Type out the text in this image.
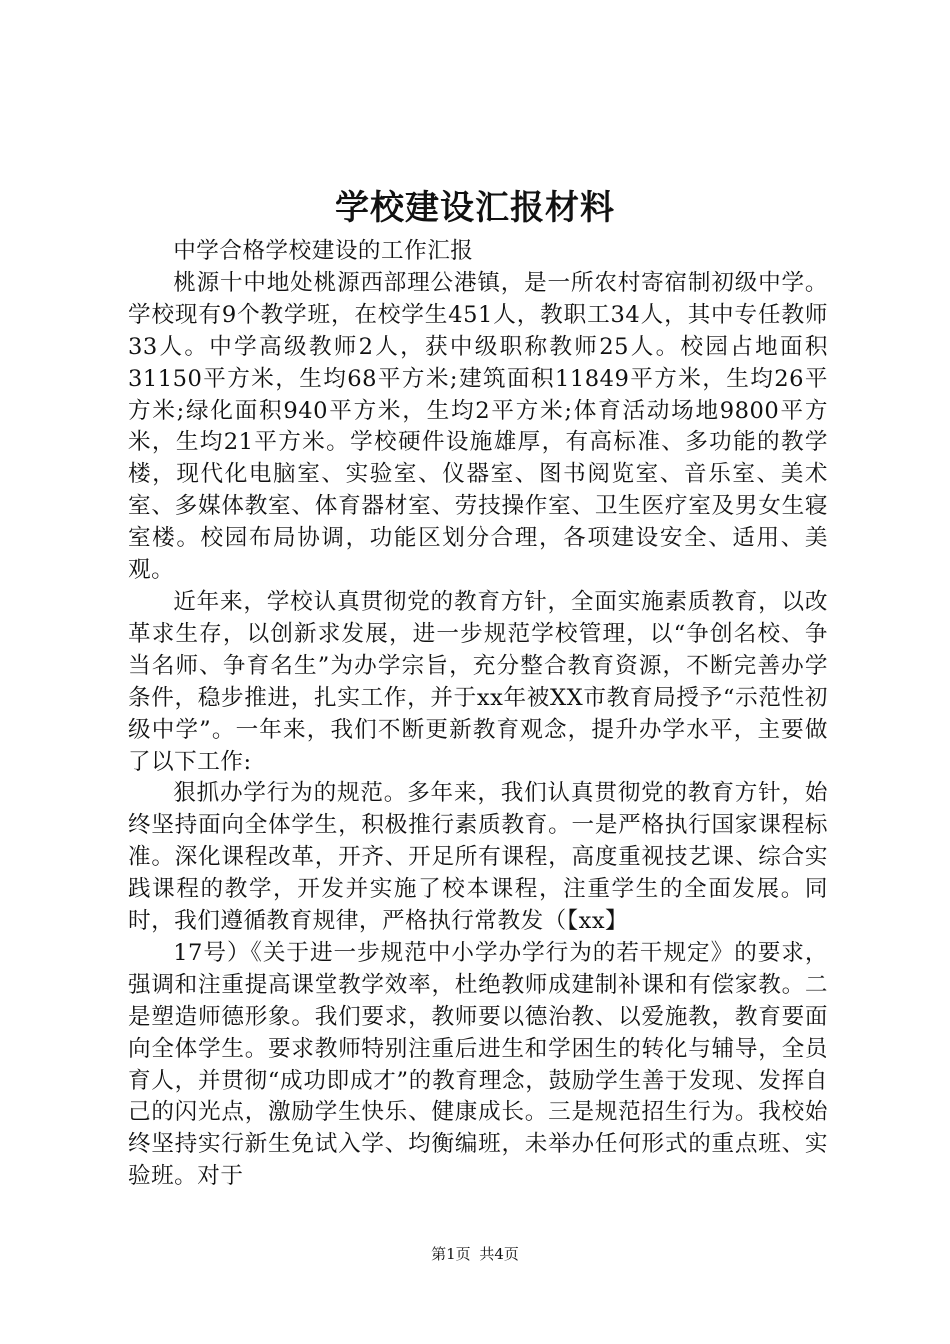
学校建设汇报材料

中学合格学校建设的工作汇报

桃源十中地处桃源西部理公港镇，是一所农村寄宿制初级中学。学校现有9个教学班，在校学生451人，教职工34人，其中专任教师33人。中学高级教师2人，获中级职称教师25人。校园占地面积31150平方米，生均68平方米;建筑面积11849平方米，生均26平方米;绿化面积940平方米，生均2平方米;体育活动场地9800平方米，生均21平方米。学校硬件设施雄厚，有高标准、多功能的教学楼，现代化电脑室、实验室、仪器室、图书阅览室、音乐室、美术室、多媒体教室、体育器材室、劳技操作室、卫生医疗室及男女生寝室楼。校园布局协调，功能区划分合理，各项建设安全、适用、美观。

近年来，学校认真贯彻党的教育方针，全面实施素质教育，以改革求生存，以创新求发展，进一步规范学校管理，以“争创名校、争当名师、争育名生”为办学宗旨，充分整合教育资源，不断完善办学条件，稳步推进，扎实工作，并于xx年被XX市教育局授予“示范性初级中学”。一年来，我们不断更新教育观念，提升办学水平，主要做了以下工作:

狠抓办学行为的规范。多年来，我们认真贯彻党的教育方针，始终坚持面向全体学生，积极推行素质教育。一是严格执行国家课程标准。深化课程改革，开齐、开足所有课程，高度重视技艺课、综合实践课程的教学，开发并实施了校本课程，注重学生的全面发展。同时，我们遵循教育规律，严格执行常教发（【xx】

17号）《关于进一步规范中小学办学行为的若干规定》的要求，强调和注重提高课堂教学效率，杜绝教师成建制补课和有偿家教。二是塑造师德形象。我们要求，教师要以德治教、以爱施教，教育要面向全体学生。要求教师特别注重后进生和学困生的转化与辅导，全员育人，并贯彻“成功即成才”的教育理念，鼓励学生善于发现、发挥自己的闪光点，激励学生快乐、健康成长。三是规范招生行为。我校始终坚持实行新生免试入学、均衡编班，未举办任何形式的重点班、实验班。对于

第1页 共4页
